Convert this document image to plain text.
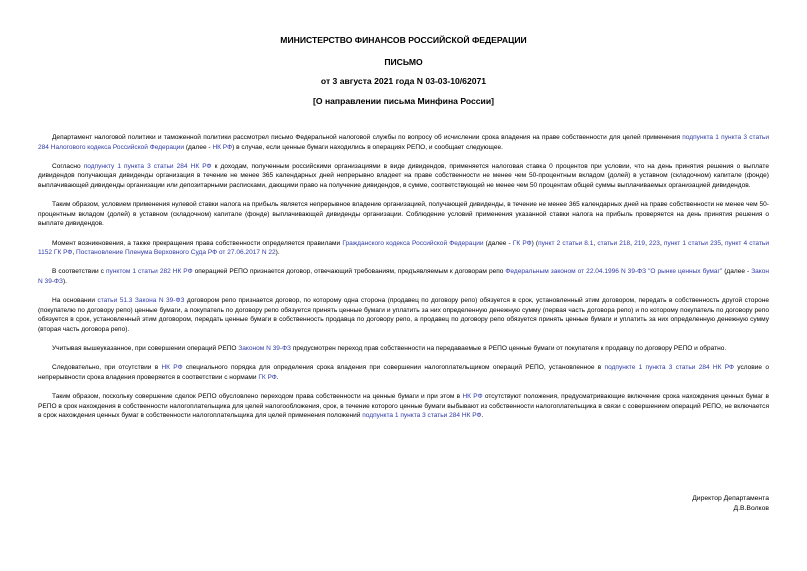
МИНИСТЕРСТВО ФИНАНСОВ РОССИЙСКОЙ ФЕДЕРАЦИИ
ПИСЬМО
от 3 августа 2021 года N 03-03-10/62071
[О направлении письма Минфина России]

Департамент налоговой политики и таможенной политики рассмотрел письмо Федеральной налоговой службы по вопросу об исчислении срока владения на праве собственности для целей применения подпункта 1 пункта 3 статьи 284 Налогового кодекса Российской Федерации (далее - НК РФ) в случае, если ценные бумаги находились в операциях РЕПО, и сообщает следующее.

Согласно подпункту 1 пункта 3 статьи 284 НК РФ к доходам, полученным российскими организациями в виде дивидендов, применяется налоговая ставка 0 процентов при условии, что на день принятия решения о выплате дивидендов получающая дивиденды организация в течение не менее 365 календарных дней непрерывно владеет на праве собственности не менее чем 50-процентным вкладом (долей) в уставном (складочном) капитале (фонде) выплачивающей дивиденды организации или депозитарными расписками, дающими право на получение дивидендов, в сумме, соответствующей не менее чем 50 процентам общей суммы выплачиваемых организацией дивидендов.

Таким образом, условием применения нулевой ставки налога на прибыль является непрерывное владение организацией, получающей дивиденды, в течение не менее 365 календарных дней на праве собственности не менее чем 50-процентным вкладом (долей) в уставном (складочном) капитале (фонде) выплачивающей дивиденды организации. Соблюдение условий применения указанной ставки налога на прибыль проверяется на день принятия решения о выплате дивидендов.

Момент возникновения, а также прекращения права собственности определяется правилами Гражданского кодекса Российской Федерации (далее - ГК РФ) (пункт 2 статьи 8.1, статьи 218, 219, 223, пункт 1 статьи 235, пункт 4 статьи 1152 ГК РФ, Постановление Пленума Верховного Суда РФ от 27.06.2017 N 22).

В соответствии с пунктом 1 статьи 282 НК РФ операцией РЕПО признается договор, отвечающий требованиям, предъявляемым к договорам репо Федеральным законом от 22.04.1996 N 39-ФЗ "О рынке ценных бумаг" (далее - Закон N 39-ФЗ).

На основании статьи 51.3 Закона N 39-ФЗ договором репо признается договор, по которому одна сторона (продавец по договору репо) обязуется в срок, установленный этим договором, передать в собственность другой стороне (покупателю по договору репо) ценные бумаги, а покупатель по договору репо обязуется принять ценные бумаги и уплатить за них определенную денежную сумму (первая часть договора репо) и по которому покупатель по договору репо обязуется в срок, установленный этим договором, передать ценные бумаги в собственность продавца по договору репо, а продавец по договору репо обязуется принять ценные бумаги и уплатить за них определенную денежную сумму (вторая часть договора репо).

Учитывая вышеуказанное, при совершении операций РЕПО Законом N 39-ФЗ предусмотрен переход прав собственности на передаваемые в РЕПО ценные бумаги от покупателя к продавцу по договору РЕПО и обратно.

Следовательно, при отсутствии в НК РФ специального порядка для определения срока владения при совершении налогоплательщиком операций РЕПО, установленное в подпункте 1 пункта 3 статьи 284 НК РФ условие о непрерывности срока владения проверяется в соответствии с нормами ГК РФ.

Таким образом, поскольку совершение сделок РЕПО обусловлено переходом права собственности на ценные бумаги и при этом в НК РФ отсутствуют положения, предусматривающие включение срока нахождения ценных бумаг в РЕПО в срок нахождения в собственности налогоплательщика для целей налогообложения, срок, в течение которого ценные бумаги выбывают из собственности налогоплательщика в связи с совершением операций РЕПО, не включается в срок нахождения ценных бумаг в собственности налогоплательщика для целей применения положений подпункта 1 пункта 3 статьи 284 НК РФ.

Директор Департамента
Д.В.Волков
